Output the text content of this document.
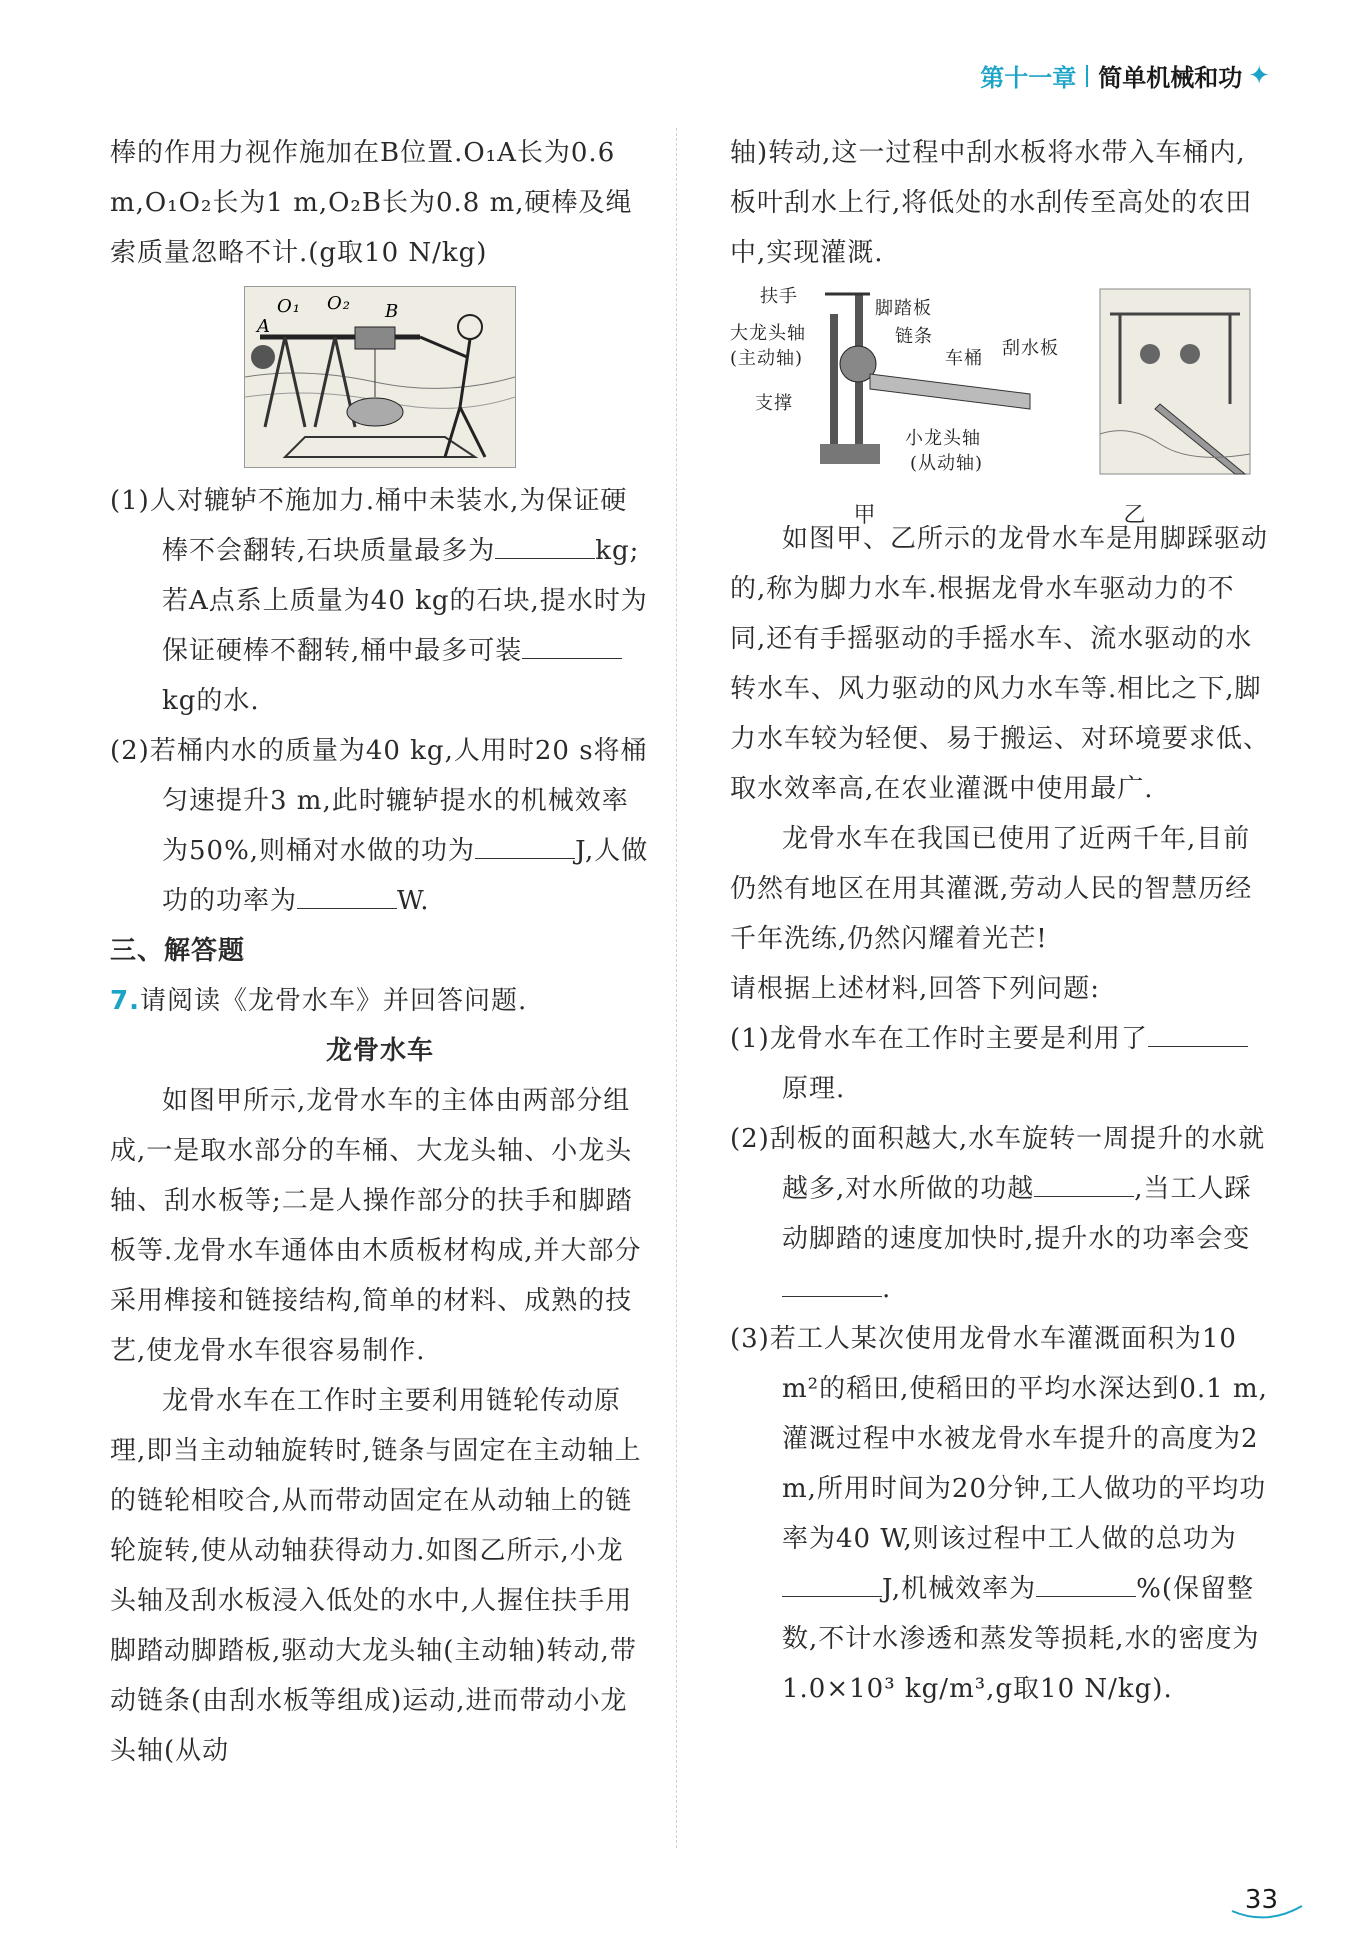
第十一章 简单机械和功 ✦

棒的作用力视作施加在B位置.O₁A长为0.6 m,O₁O₂长为1 m,O₂B长为0.8 m,硬棒及绳索质量忽略不计.(g取10 N/kg)

A
O₁ O₂ B

(1)人对辘轳不施加力.桶中未装水,为保证硬棒不会翻转,石块质量最多为	kg;若A点系上质量为40 kg的石块,提水时为保证硬棒不翻转,桶中最多可装kg的水.

(2)若桶内水的质量为40 kg,人用时20 s将桶匀速提升3 m,此时辘轳提水的机械效率为50%,则桶对水做的功为	J,人做功的功率为	W.

三、解答题

7.请阅读《龙骨水车》并回答问题.

龙骨水车

如图甲所示,龙骨水车的主体由两部分组成,一是取水部分的车桶、大龙头轴、小龙头轴、刮水板等;二是人操作部分的扶手和脚踏板等.龙骨水车通体由木质板材构成,并大部分采用榫接和链接结构,简单的材料、成熟的技艺,使龙骨水车很容易制作.

龙骨水车在工作时主要利用链轮传动原理,即当主动轴旋转时,链条与固定在主动轴上的链轮相咬合,从而带动固定在从动轴上的链轮旋转,使从动轴获得动力.如图乙所示,小龙头轴及刮水板浸入低处的水中,人握住扶手用脚踏动脚踏板,驱动大龙头轴(主动轴)转动,带动链条(由刮水板等组成)运动,进而带动小龙头轴(从动

轴)转动,这一过程中刮水板将水带入车桶内,板叶刮水上行,将低处的水刮传至高处的农田中,实现灌溉.

扶手
脚踏板
大龙头轴
(主动轴)
链条
车桶 刮水板
支撑
小龙头轴
(从动轴)
甲	乙

如图甲、乙所示的龙骨水车是用脚踩驱动的,称为脚力水车.根据龙骨水车驱动力的不同,还有手摇驱动的手摇水车、流水驱动的水转水车、风力驱动的风力水车等.相比之下,脚力水车较为轻便、易于搬运、对环境要求低、取水效率高,在农业灌溉中使用最广.

龙骨水车在我国已使用了近两千年,目前仍然有地区在用其灌溉,劳动人民的智慧历经千年洗练,仍然闪耀着光芒!

请根据上述材料,回答下列问题:

(1)龙骨水车在工作时主要是利用了原理.

(2)刮板的面积越大,水车旋转一周提升的水就越多,对水所做的功越	,当工人踩动脚踏的速度加快时,提升水的功率会变.

(3)若工人某次使用龙骨水车灌溉面积为10 m²的稻田,使稻田的平均水深达到0.1 m,灌溉过程中水被龙骨水车提升的高度为2 m,所用时间为20分钟,工人做功的平均功率为40 W,则该过程中工人做的总功为J,机械效率为	%(保留整数,不计水渗透和蒸发等损耗,水的密度为1.0×10³ kg/m³,g取10 N/kg).

33
